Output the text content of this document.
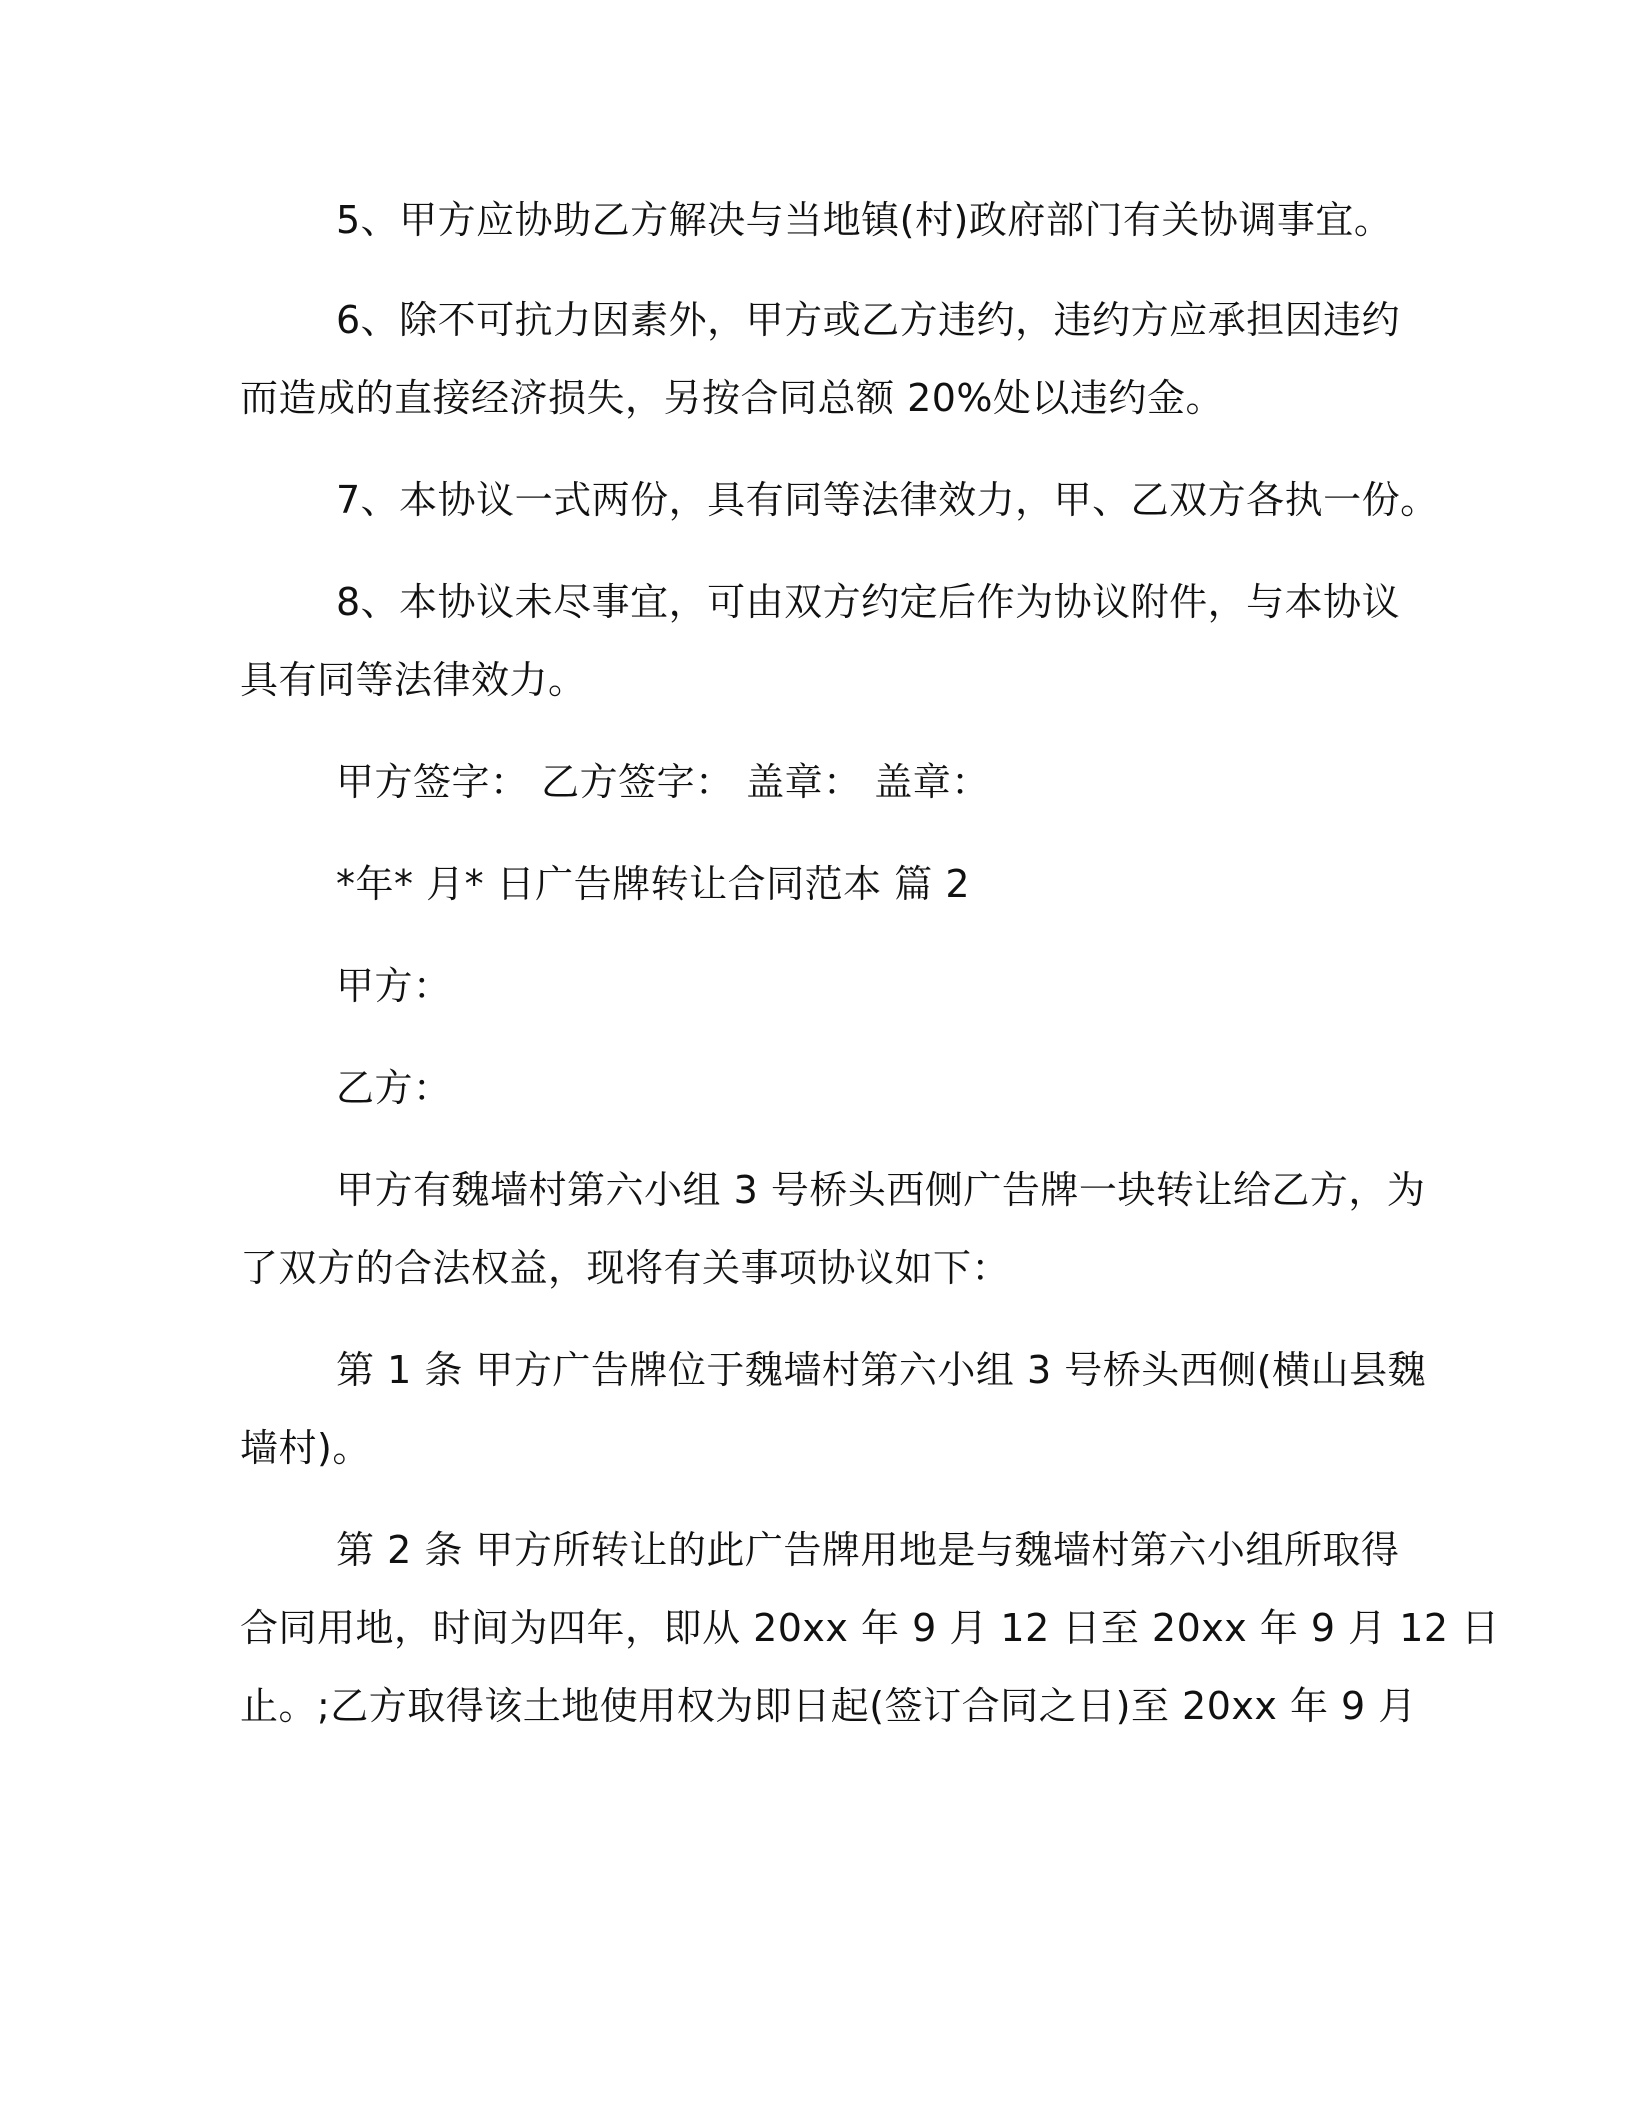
5、甲方应协助乙方解决与当地镇(村)政府部门有关协调事宜。
6、除不可抗力因素外，甲方或乙方违约，违约方应承担因违约
而造成的直接经济损失，另按合同总额 20%处以违约金。
7、本协议一式两份，具有同等法律效力，甲、乙双方各执一份。
8、本协议未尽事宜，可由双方约定后作为协议附件，与本协议
具有同等法律效力。
甲方签字： 乙方签字： 盖章： 盖章：
*年* 月* 日广告牌转让合同范本 篇 2
甲方：
乙方：
甲方有魏墙村第六小组 3 号桥头西侧广告牌一块转让给乙方，为
了双方的合法权益，现将有关事项协议如下：
第 1 条 甲方广告牌位于魏墙村第六小组 3 号桥头西侧(横山县魏
墙村)。
第 2 条 甲方所转让的此广告牌用地是与魏墙村第六小组所取得
合同用地，时间为四年，即从 20xx 年 9 月 12 日至 20xx 年 9 月 12 日
止。;乙方取得该土地使用权为即日起(签订合同之日)至 20xx 年 9 月
